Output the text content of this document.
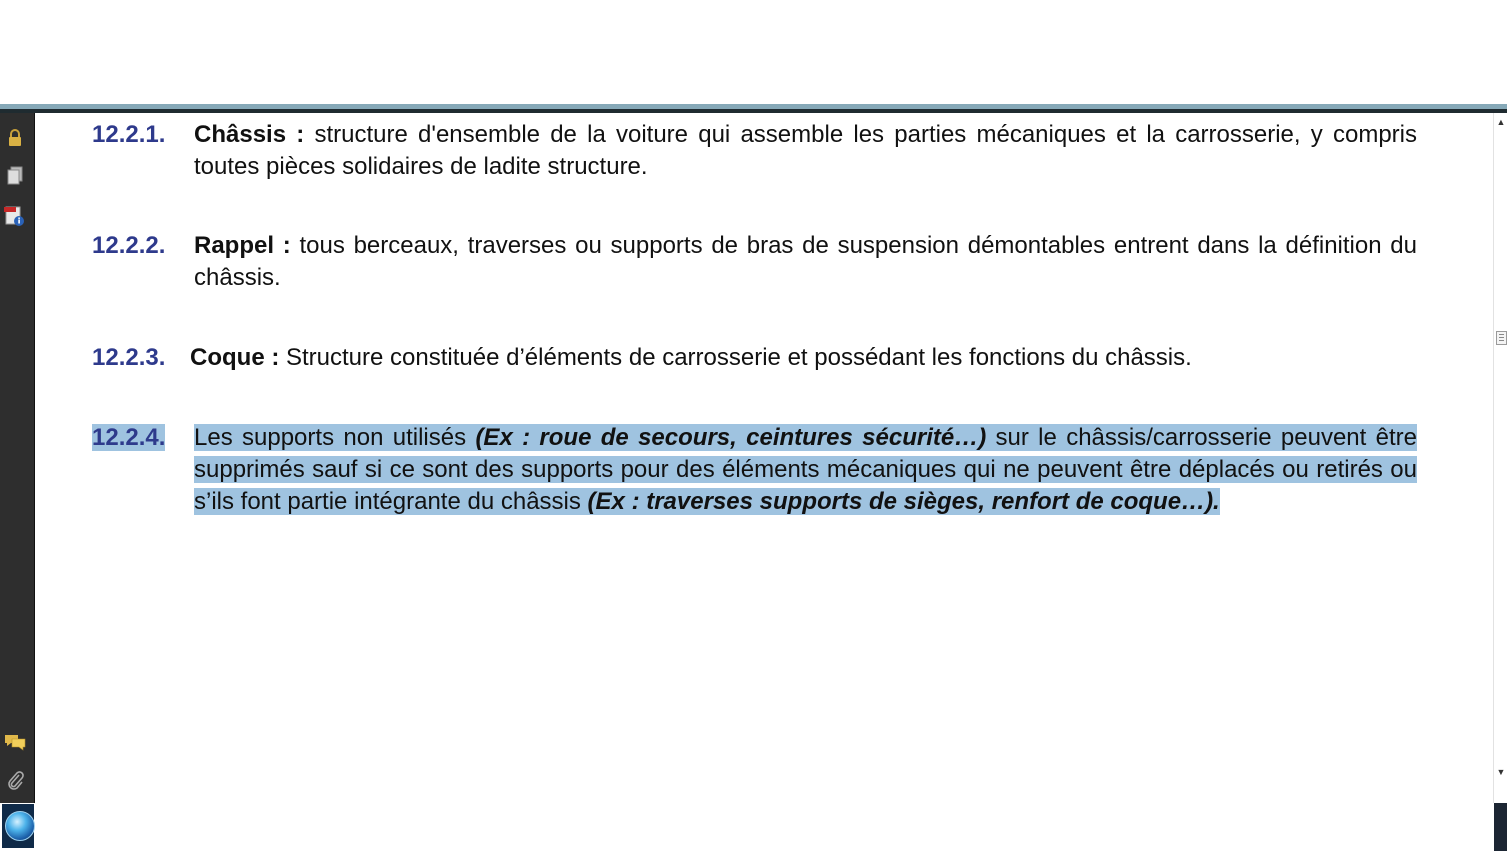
12.2.1. Châssis : structure d'ensemble de la voiture qui assemble les parties mécaniques et la carrosserie, y compris toutes pièces solidaires de ladite structure.
12.2.2. Rappel : tous berceaux, traverses ou supports de bras de suspension démontables entrent dans la définition du châssis.
12.2.3. Coque : Structure constituée d’éléments de carrosserie et possédant les fonctions du châssis.
12.2.4. Les supports non utilisés (Ex : roue de secours, ceintures sécurité…) sur le châssis/carrosserie peuvent être supprimés sauf si ce sont des supports pour des éléments mécaniques qui ne peuvent être déplacés ou retirés ou s’ils font partie intégrante du châssis (Ex : traverses supports de sièges, renfort de coque…).
▲
▼
